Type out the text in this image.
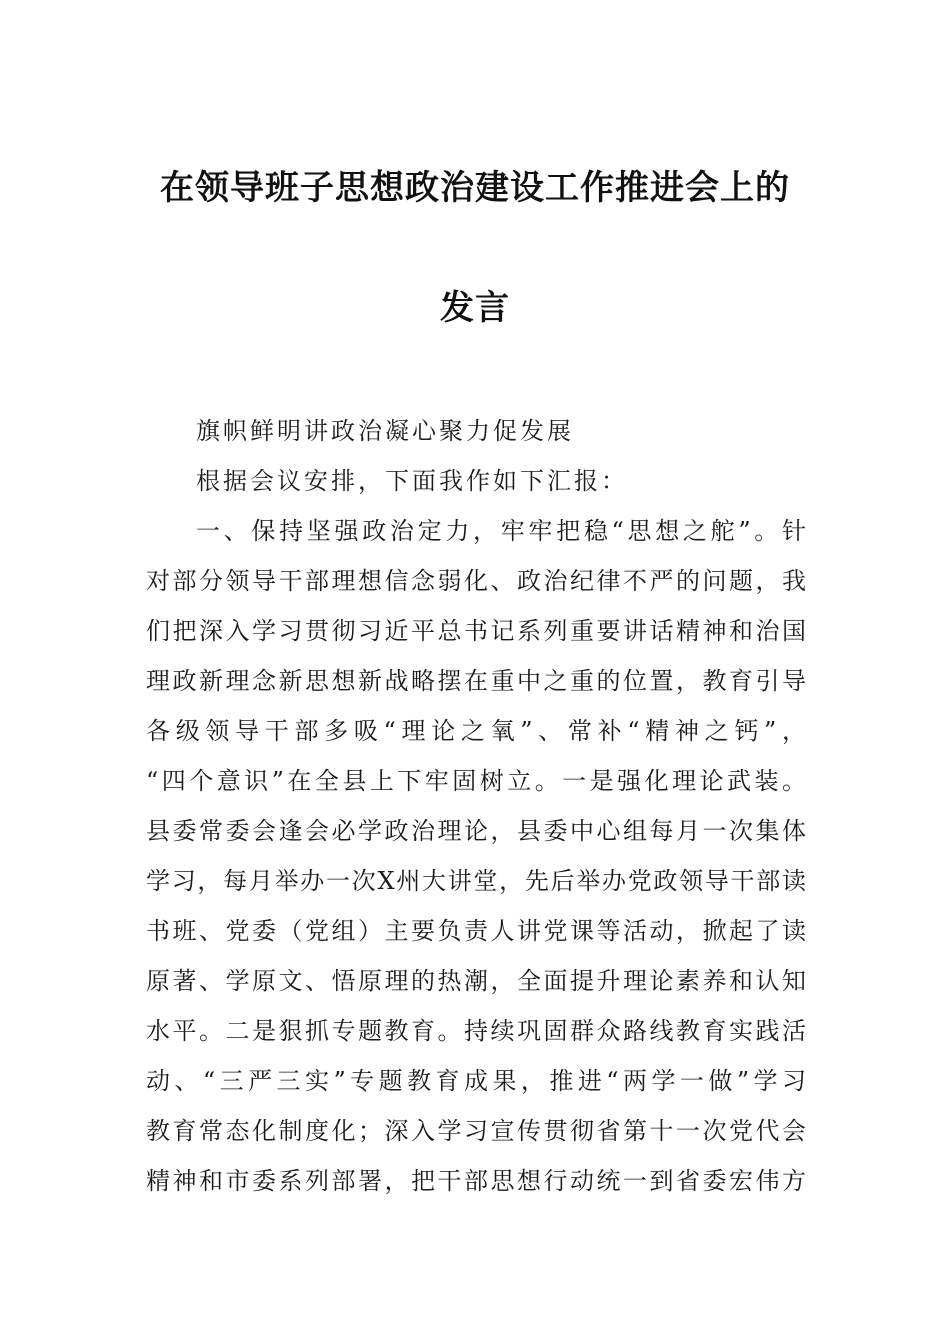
在领导班子思想政治建设工作推进会上的
发言
旗帜鲜明讲政治凝心聚力促发展
根据会议安排，下面我作如下汇报：
一、保持坚强政治定力，牢牢把稳“思想之舵”。针
对部分领导干部理想信念弱化、政治纪律不严的问题，我
们把深入学习贯彻习近平总书记系列重要讲话精神和治国
理政新理念新思想新战略摆在重中之重的位置，教育引导
各级领导干部多吸“理论之氧”、常补“精神之钙”，
“四个意识”在全县上下牢固树立。一是强化理论武装。
县委常委会逢会必学政治理论，县委中心组每月一次集体
学习，每月举办一次X州大讲堂，先后举办党政领导干部读
书班、党委（党组）主要负责人讲党课等活动，掀起了读
原著、学原文、悟原理的热潮，全面提升理论素养和认知
水平。二是狠抓专题教育。持续巩固群众路线教育实践活
动、“三严三实”专题教育成果，推进“两学一做”学习
教育常态化制度化；深入学习宣传贯彻省第十一次党代会
精神和市委系列部署，把干部思想行动统一到省委宏伟方
